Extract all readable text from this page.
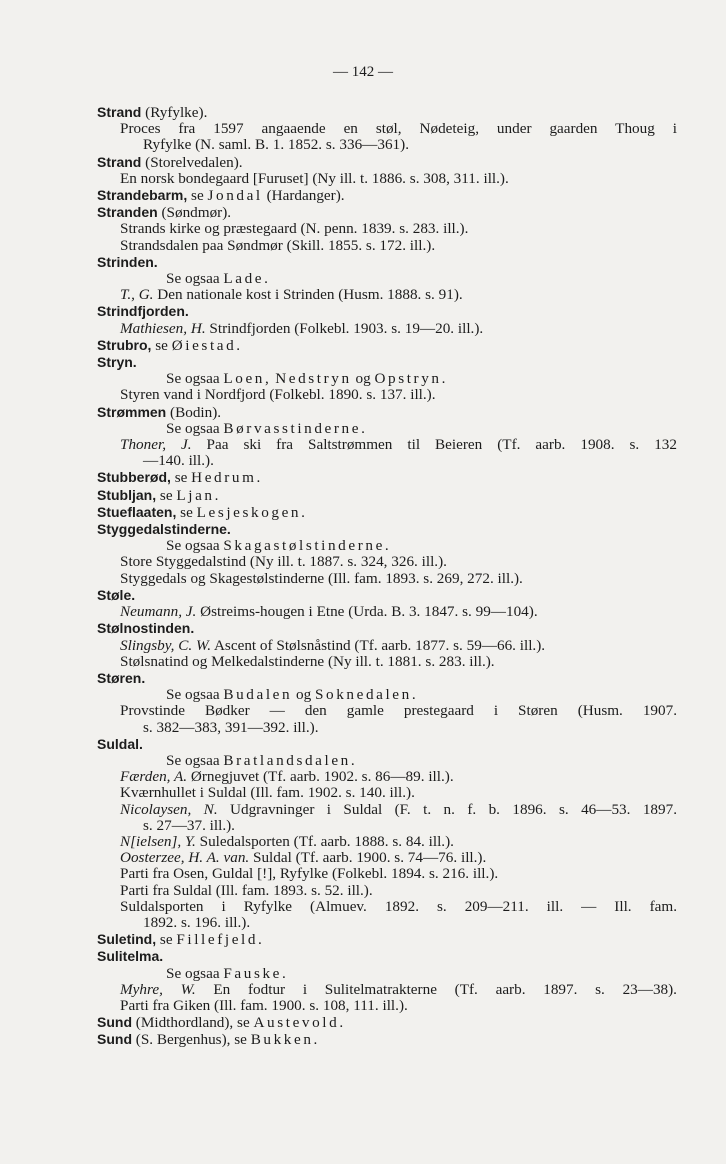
— 142 —
Strand (Ryfylke).
Proces fra 1597 angaaende en støl, Nødeteig, under gaarden Thoug i
Ryfylke (N. saml. B. 1. 1852. s. 336—361).
Strand (Storelvedalen).
En norsk bondegaard [Furuset] (Ny ill. t. 1886. s. 308, 311. ill.).
Strandebarm, se Jondal (Hardanger).
Stranden (Søndmør).
Strands kirke og præstegaard (N. penn. 1839. s. 283. ill.).
Strandsdalen paa Søndmør (Skill. 1855. s. 172. ill.).
Strinden.
Se ogsaa Lade.
T., G. Den nationale kost i Strinden (Husm. 1888. s. 91).
Strindfjorden.
Mathiesen, H. Strindfjorden (Folkebl. 1903. s. 19—20. ill.).
Strubro, se Øiestad.
Stryn.
Se ogsaa Loen, Nedstryn og Opstryn.
Styren vand i Nordfjord (Folkebl. 1890. s. 137. ill.).
Strømmen (Bodin).
Se ogsaa Børvasstinderne.
Thoner, J. Paa ski fra Saltstrømmen til Beieren (Tf. aarb. 1908. s. 132
—140. ill.).
Stubberød, se Hedrum.
Stubljan, se Ljan.
Stueflaaten, se Lesjeskogen.
Styggedalstinderne.
Se ogsaa Skagastølstinderne.
Store Styggedalstind (Ny ill. t. 1887. s. 324, 326. ill.).
Styggedals og Skagestølstinderne (Ill. fam. 1893. s. 269, 272. ill.).
Støle.
Neumann, J. Østreims-hougen i Etne (Urda. B. 3. 1847. s. 99—104).
Stølnostinden.
Slingsby, C. W. Ascent of Stølsnåstind (Tf. aarb. 1877. s. 59—66. ill.).
Stølsnatind og Melkedalstinderne (Ny ill. t. 1881. s. 283. ill.).
Støren.
Se ogsaa Budalen og Soknedalen.
Provstinde Bødker — den gamle prestegaard i Støren (Husm. 1907.
s. 382—383, 391—392. ill.).
Suldal.
Se ogsaa Bratlandsdalen.
Færden, A. Ørnegjuvet (Tf. aarb. 1902. s. 86—89. ill.).
Kværnhullet i Suldal (Ill. fam. 1902. s. 140. ill.).
Nicolaysen, N. Udgravninger i Suldal (F. t. n. f. b. 1896. s. 46—53. 1897.
s. 27—37. ill.).
N[ielsen], Y. Suledalsporten (Tf. aarb. 1888. s. 84. ill.).
Oosterzee, H. A. van. Suldal (Tf. aarb. 1900. s. 74—76. ill.).
Parti fra Osen, Guldal [!], Ryfylke (Folkebl. 1894. s. 216. ill.).
Parti fra Suldal (Ill. fam. 1893. s. 52. ill.).
Suldalsporten i Ryfylke (Almuev. 1892. s. 209—211. ill. — Ill. fam.
1892. s. 196. ill.).
Suletind, se Fillefjeld.
Sulitelma.
Se ogsaa Fauske.
Myhre, W. En fodtur i Sulitelmatrakterne (Tf. aarb. 1897. s. 23—38).
Parti fra Giken (Ill. fam. 1900. s. 108, 111. ill.).
Sund (Midthordland), se Austevold.
Sund (S. Bergenhus), se Bukken.
